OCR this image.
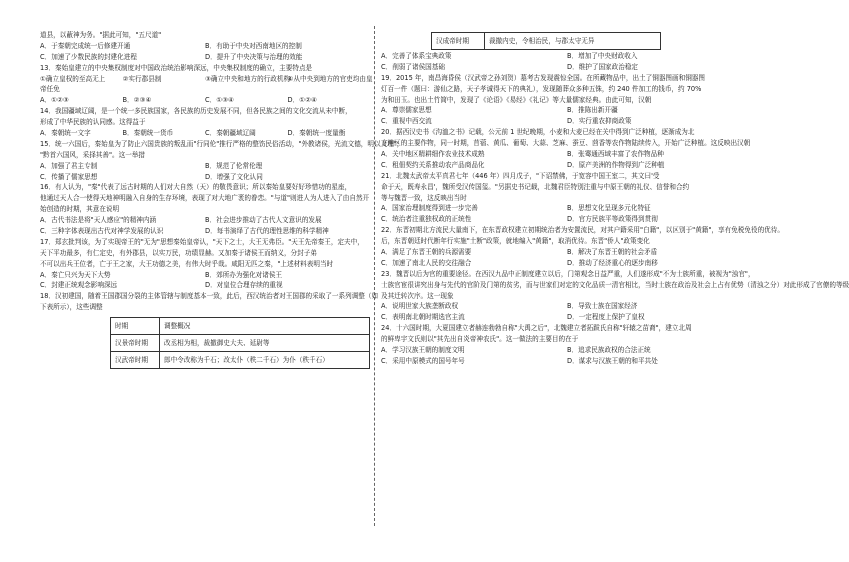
道县，以蔽神为务。"据此可知，"五尺道"
A．于秦朝完成统一后修建开通	B．有助于中央对西南地区的控制
C．加速了少数民族的封建化进程	D．提升了中央决策与治理的效能
13．秦始皇建立的中央集权制度对中国政治统治影响深远，中央集权制度的确立，主要特点是
①确立皇权的至高无上	②实行郡县制	③确立中央和地方的行政机构
④从中央到地方的官吏均由皇
帝任免
A．①②③	B．②③④	C．①③④	D．①②④
14．我国疆域辽阔，是一个统一多民族国家，各民族的历史发展不同，但各民族之间的文化交流从未中断，
形成了中华民族的认同感。这得益于
A．秦朝统一文字	B．秦朝统一货币	C．秦朝疆域辽阔	D．秦朝统一度量衡
15．统一六国后，秦始皇为了防止六国贵族的叛乱而"行同伦"推行严格的整饬民俗活动，"外教诸侯，光流文德，明以义理"，
"黔首六国风，采择其善"。这一举措
A．加强了君主专制	B．规范了伦常伦理
C．传播了儒家思想	D．增强了文化认同
16．有人认为，"秦"代表了远古时期的人们对大自然（天）的敬畏意识；所以秦始皇要好好珍惜功的星座，
他通过天人合一使得天地神明融入自身的生存环境，表现了对大地广袤的眷恋。"与道"则进人为人进入了由自然开
始创造的时期，其意在说明
A．古代书法是将"天人感应"的精神内涵	B．社会进步推动了古代人文意识的发展
C．三种字体表现出古代对神学发展的认识	D．每书演绎了古代的理性思维的科学精神
17．郑玄批判该，为了实现帝王的"无为"思想秦始皇帝认，"天下之士，大王无弗臣。"天王先帝秦王，定夫中，
天下平功最多，有仁定史，有外郡县，以实万民，功绩显赫。又加秦于诸侯王而纳义，分封子弟
不可以出兵王位者，亡于王之家，大王功德之美，有伟大时乎哉。咸阳无匹之秦，"上述材料表明当时
A．秦亡只兴为天下大势	B．郊所办为强化对诸侯王
C．封建正统观念影响深远	D．对皇位合理存续的重视
18．汉初建国，随着王国郡国分裂的主体管辖与制度基本一致，此后，西汉统治者对王国郡的采取了一系列调整（如
下表所示），这些调整
时期	调整概况
汉景帝时期	改丞相为相，裁撤御史大夫、延尉等
汉武帝时期	郎中令改称为千石；改太仆（秩二千石）为仆（秩千石）
汉成帝时期	裁撤内史，令相治民，与郡太守无异
A．完善了体系宝典政策	B．增加了中央财政收入
C．削弱了诸侯国基础	D．维护了国家政治稳定
19．2015 年，南昌海昏侯（汉武帝之孙刘贺）墓考古发现震惊全国。在所藏物品中，出土了铜器图画和铜器图
灯百一件（题曰：游仙之路，天子孝诚得天下的典礼），发现随葬众多种五铢，约 240 件加工的钱币，约 70%
为和田玉。也出土竹简中，发现了《论语》《易经》《礼记》等大量儒家经典。由此可知，汉朝
A．尊崇儒家思想	B．推陈出新开疆
C．重视中西交流	D．实行重农抑商政策
20．据西汉史书《沟洫之书》记载，公元前 1 世纪晚期，小麦和大麦已经在关中得到广泛种植，逐渐成为北
方地区的主要作物，同一时期，苜蓿、黄瓜、葡萄、大蒜、芝麻、蚕豆、茴香等农作物陆续传入，开始广泛种植。这反映出汉朝
A．关中地区精耕细作农业技术成熟	B．张骞通西域丰富了农作物品种
C．租佃契约关系推动农产品商品化	D．原产美洲的作物得到广泛种植
21．北魏太武帝太平真君七年（446 年）四月戊子，"下诏禁佛，于宽容中国王室二，其文曰'受
命于天，既寿永昌'，魏所受汉传国玺。"另据史书记载，北魏君臣特别注重与中原王朝的礼仪、信誉和合约
等与魏晋一致，这反映出当时
A．国家治理制度得到进一步完善	B．思想文化呈现多元化特征
C．统治者注重独权政的正统性	D．官方民族平等政策得到贯彻
22．东晋初期北方流民大量南下，在东晋政权建立初期统治者为安置流民，对其户籍采用"白籍"，以区别于"黄籍"，享有免税免役的优待。
后，东晋朝廷时代断年行实施"土断"政策，就地编入"黄籍"，取消优待。东晋"侨人"政策变化
A．满足了东晋王朝的兵源需要	B．解决了东晋王朝的社会矛盾
C．加速了南北人民的交往融合	D．推动了经济重心的逐步南移
23．魏晋以后为官的重要途径。在西汉九品中正制度建立以后，门第观念日益严重，人们遂形成"不为士族所重，被视为"浊官"，
士族官宦很讲究出身与先代的官阶及门第的贫劣，而与世家们对定的文化品质一清官相比，当时士族在政治及社会上占有优势（清浊之分）对此形成了官僚的等级
及其迁转次序。这一现象
A．说明世家大族垄断政权	B．导致士族在国家经济
C．表明南北朝时期选官主流	D．一定程度上保护了皇权
24．十六国时期，大夏国建立者赫连勃勃自称"大禹之后"，北魏建立者拓跋氏自称"轩辕之苗裔"，建立北周
的鲜卑宇文氏则以"其先出自炎帝神农氏"。这一做法的主要目的在于
A．学习汉族王朝的制度文明	B．追求民族政权的合法正统
C．采用中原模式的国号年号	D．谋求与汉族王朝的和平共处
